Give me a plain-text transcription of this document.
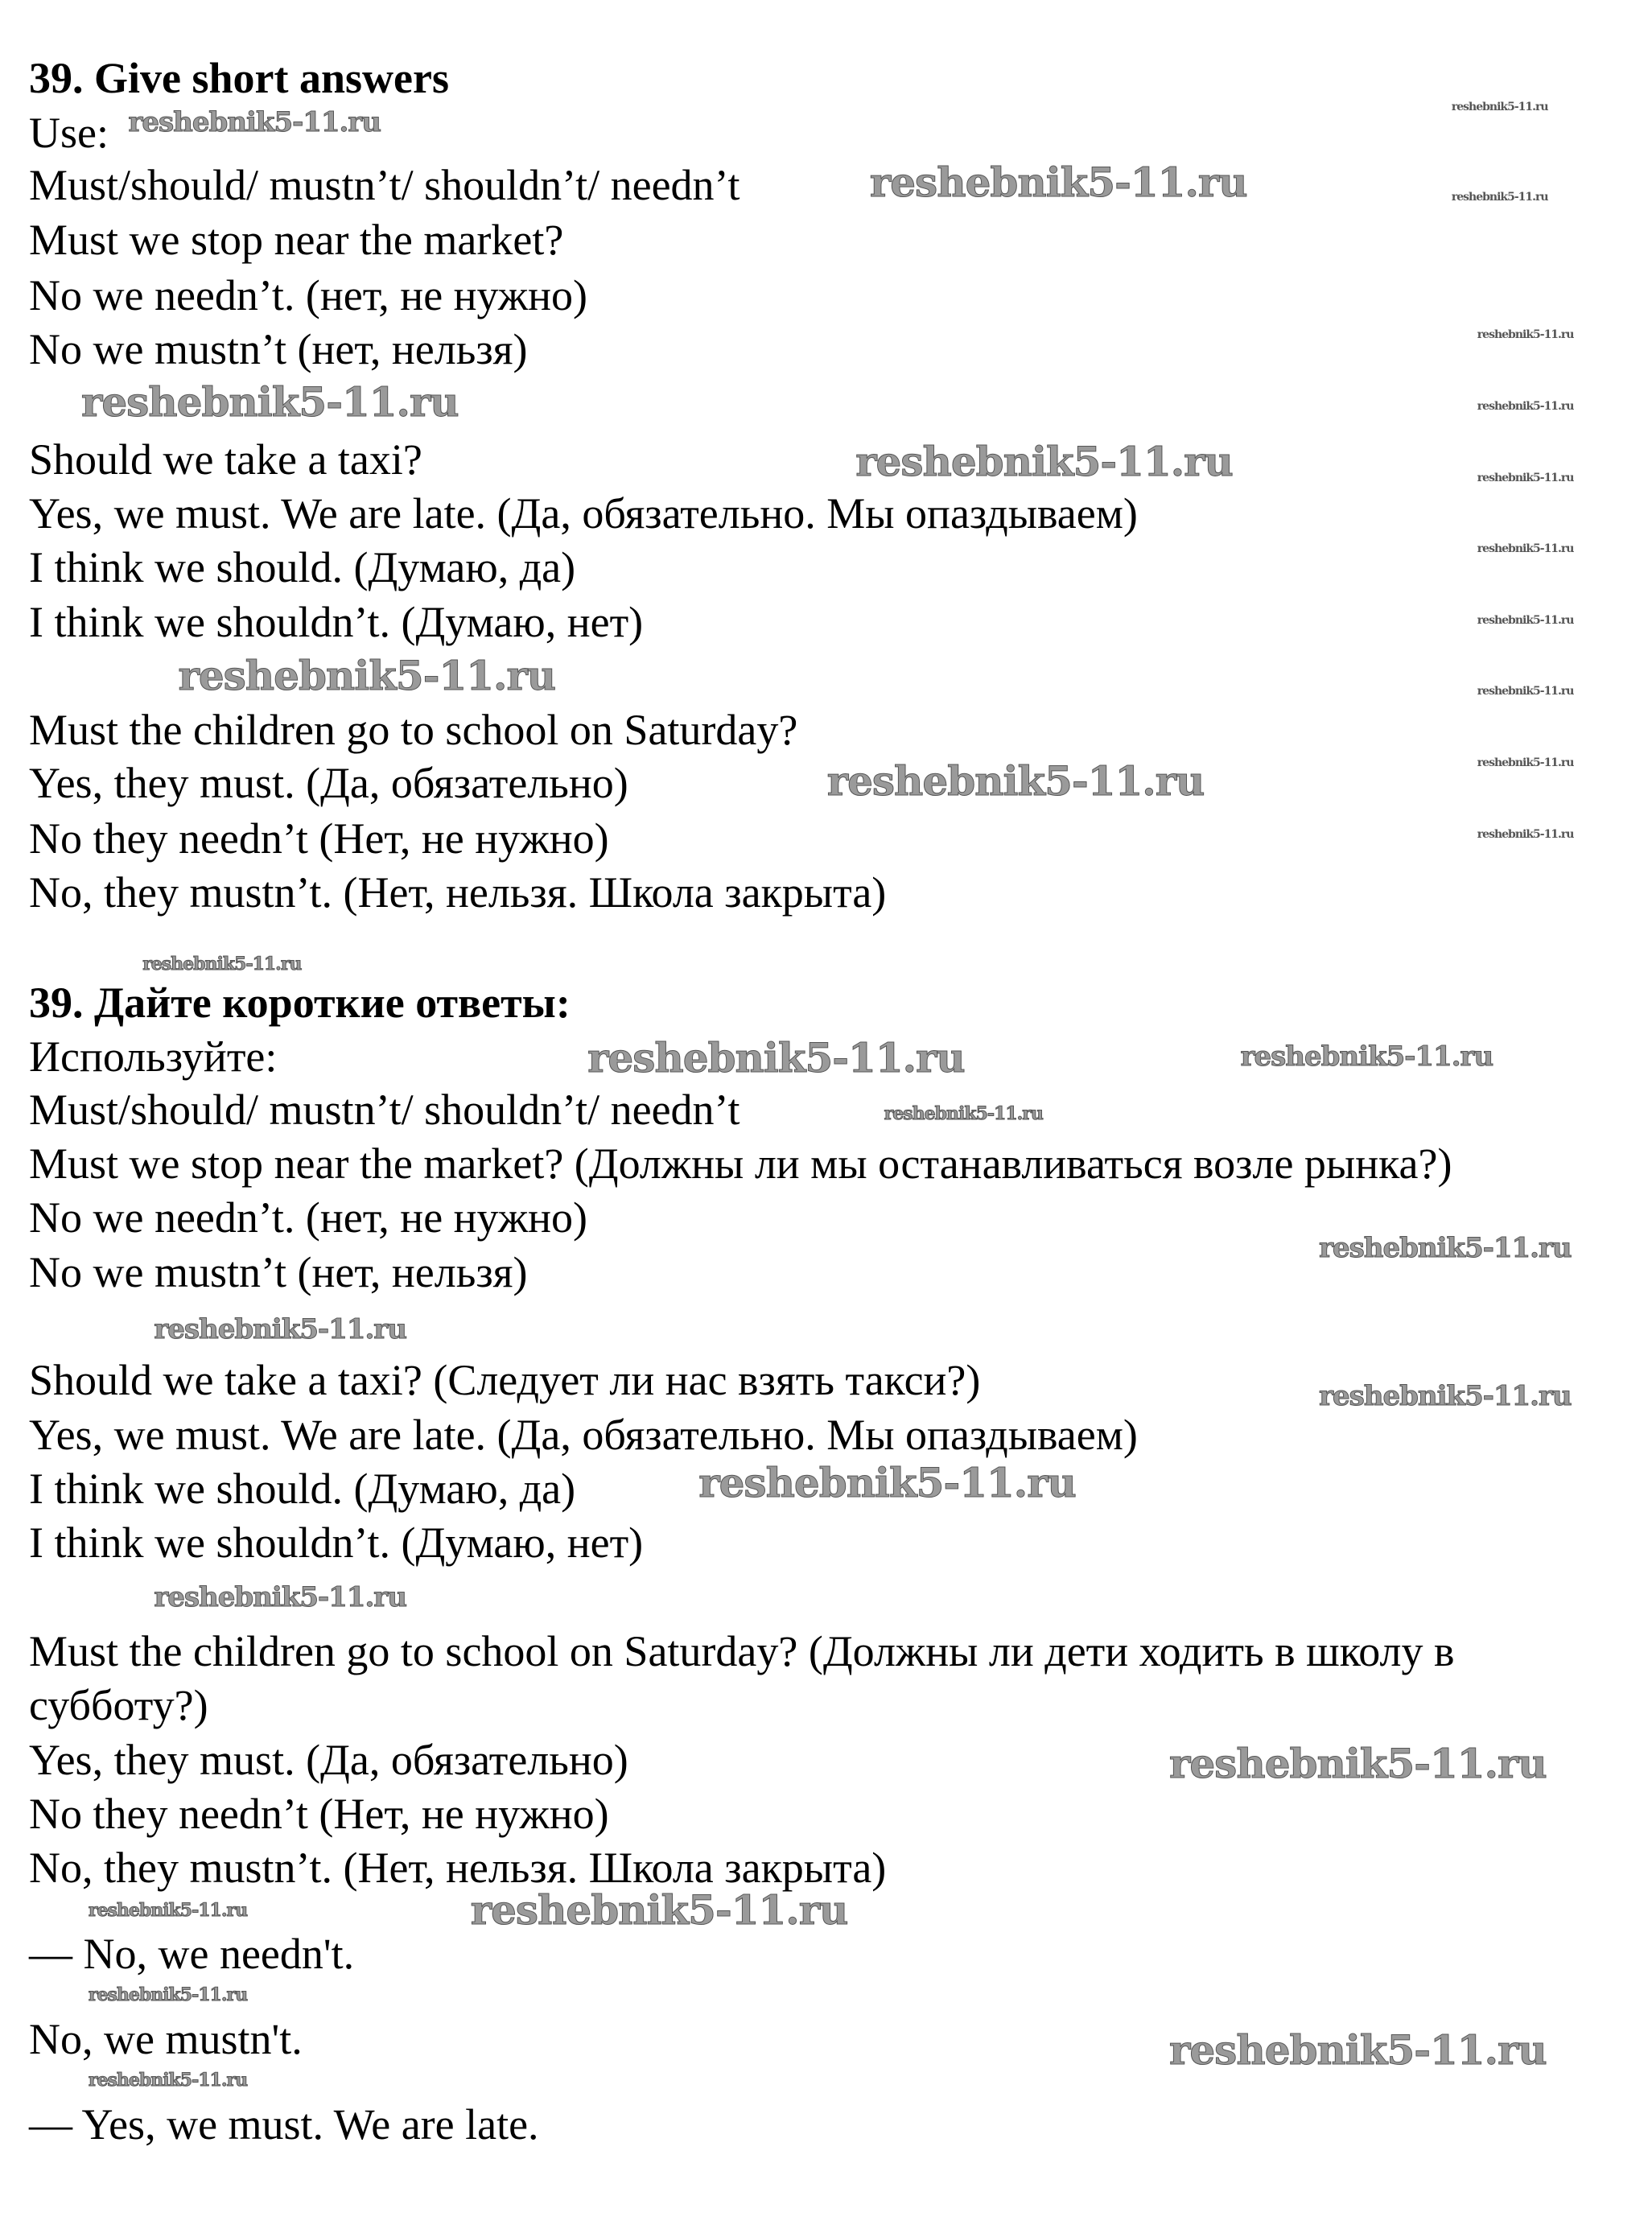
39. Give short answers
Use:
Must/should/ mustn’t/ shouldn’t/ needn’t
Must we stop near the market?
No we needn’t. (нет, не нужно)
No we mustn’t (нет, нельзя)
Should we take a taxi?
Yes, we must. We are late. (Да, обязательно. Мы опаздываем)
I think we should. (Думаю, да)
I think we shouldn’t. (Думаю, нет)
Must the children go to school on Saturday?
Yes, they must. (Да, обязательно)
No they needn’t (Нет, не нужно)
No, they mustn’t. (Нет, нельзя. Школа закрыта)
39. Дайте короткие ответы:
Используйте:
Must/should/ mustn’t/ shouldn’t/ needn’t
Must we stop near the market? (Должны ли мы останавливаться возле рынка?)
No we needn’t. (нет, не нужно)
No we mustn’t (нет, нельзя)
Should we take a taxi? (Следует ли нас взять такси?)
Yes, we must. We are late. (Да, обязательно. Мы опаздываем)
I think we should. (Думаю, да)
I think we shouldn’t. (Думаю, нет)
Must the children go to school on Saturday? (Должны ли дети ходить в школу в
субботу?)
Yes, they must. (Да, обязательно)
No they needn’t (Нет, не нужно)
No, they mustn’t. (Нет, нельзя. Школа закрыта)
— No, we needn't.
No, we mustn't.
— Yes, we must. We are late.
reshebnik5-11.ru
reshebnik5-11.ru
reshebnik5-11.ru
reshebnik5-11.ru
reshebnik5-11.ru
reshebnik5-11.ru
reshebnik5-11.ru
reshebnik5-11.ru
reshebnik5-11.ru
reshebnik5-11.ru
reshebnik5-11.ru
reshebnik5-11.ru
reshebnik5-11.ru
reshebnik5-11.ru
reshebnik5-11.ru
reshebnik5-11.ru
reshebnik5-11.ru
reshebnik5-11.ru
reshebnik5-11.ru
reshebnik5-11.ru
reshebnik5-11.ru
reshebnik5-11.ru
reshebnik5-11.ru
reshebnik5-11.ru
reshebnik5-11.ru
reshebnik5-11.ru
reshebnik5-11.ru
reshebnik5-11.ru
reshebnik5-11.ru
reshebnik5-11.ru
reshebnik5-11.ru
